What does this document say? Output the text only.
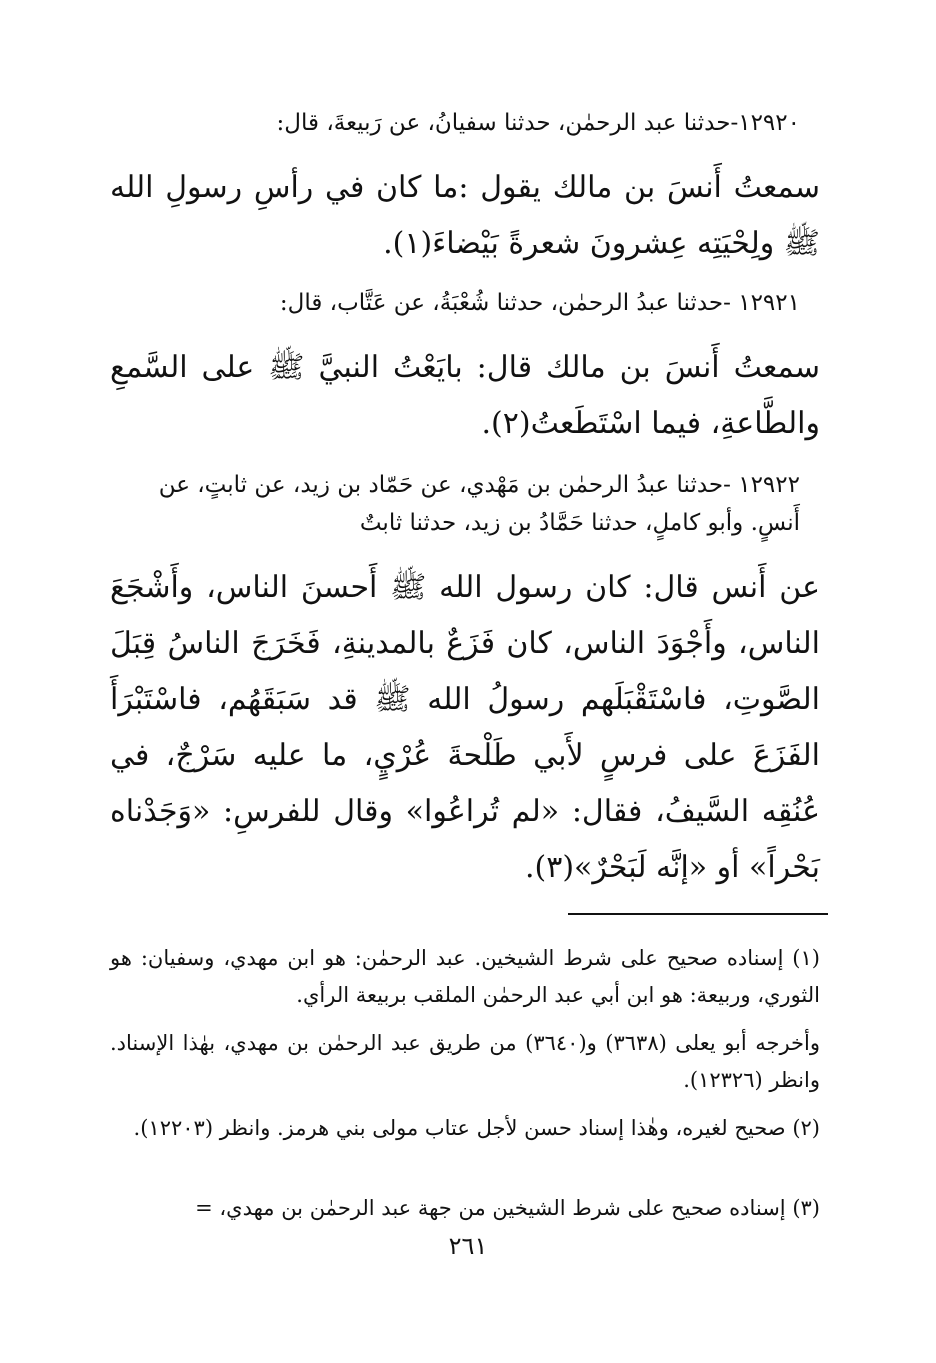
١٢٩٢٠-حدثنا عبد الرحمٰن، حدثنا سفيانُ، عن رَبيعةَ، قال:

سمعتُ أَنسَ بن مالك يقول :ما كان في رأسِ رسولِ الله ﷺ ولِحْيَتِه عِشرونَ شعرةً بَيْضاءَ(١).

١٢٩٢١ -حدثنا عبدُ الرحمٰن، حدثنا شُعْبَةُ، عن عَتَّاب، قال:

سمعتُ أَنسَ بن مالك قال: بايَعْتُ النبيَّ ﷺ على السَّمعِ والطَّاعةِ، فيما اسْتَطَعتُ(٢).

١٢٩٢٢ -حدثنا عبدُ الرحمٰن بن مَهْدي، عن حَمّاد بن زيد، عن ثابتٍ، عن أَنسٍ. وأبو كاملٍ، حدثنا حَمَّادُ بن زيد، حدثنا ثابتٌ

عن أَنس قال: كان رسول الله ﷺ أَحسنَ الناس، وأَشْجَعَ الناس، وأَجْوَدَ الناس، كان فَزَعٌ بالمدينةِ، فَخَرَجَ الناسُ قِبَلَ الصَّوتِ، فاسْتَقْبَلَهم رسولُ الله ﷺ قد سَبَقَهُم، فاسْتَبْرَأَ الفَزَعَ على فرسٍ لأَبي طَلْحةَ عُرْيٍ، ما عليه سَرْجٌ، في عُنُقِه السَّيفُ، فقال: «لم تُراعُوا» وقال للفرسِ: «وَجَدْناه بَحْراً» أو «إنَّه لَبَحْرٌ»(٣).

(١) إسناده صحيح على شرط الشيخين. عبد الرحمٰن: هو ابن مهدي، وسفيان: هو الثوري، وربيعة: هو ابن أبي عبد الرحمٰن الملقب بربيعة الرأي.

وأخرجه أبو يعلى (٣٦٣٨) و(٣٦٤٠) من طريق عبد الرحمٰن بن مهدي، بهٰذا الإسناد. وانظر (١٢٣٢٦).

(٢) صحيح لغيره، وهٰذا إسناد حسن لأجل عتاب مولى بني هرمز. وانظر (١٢٢٠٣).

(٣) إسناده صحيح على شرط الشيخين من جهة عبد الرحمٰن بن مهدي، =

٢٦١
